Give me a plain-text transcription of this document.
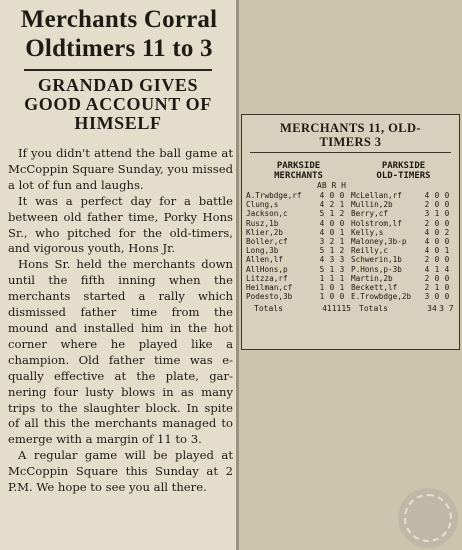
Merchants Corral
Oldtimers 11 to 3
GRANDAD GIVES
GOOD ACCOUNT OF
HIMSELF

If you didn't attend the ball game at McCoppin Square Sunday, you missed a lot of fun and laughs.

It was a perfect day for a battle between old father time, Porky Hons Sr., who pitched for the old-timers, and vigorous youth, Hons Jr.

Hons Sr. held the merchants down until the fifth inning when the merchants started a rally which dismissed father time from the mound and installed him in the hot corner where he played like a champion. Old father time was e-qually effective at the plate, gar-nering four lusty blows in as many trips to the slaughter block. In spite of all this the merchants managed to emerge with a margin of 11 to 3.

A regular game will be played at McCoppin Square this Sunday at 2 P.M. We hope to see you all there.

MERCHANTS 11, OLD-
TIMERS 3
PARKSIDE
MERCHANTS
AB R H
A.Trwbdge,rf	4 0 0
Clung,s	4 2 1
Jackson,c	5 1 2
Rusz,1b	4 0 0
Klier,2b	4 0 1
Boller,cf	3 2 1
Long,3b	5 1 2
Allen,lf	4 3 3
AllHons,p	5 1 3
Litzza,rf	1 1 1
Heilman,cf	1 0 1
Podesto,3b	1 0 0
PARKSIDE
OLD-TIMERS
McLellan,rf	4 0 0
Mullin,2b	2 0 0
Berry,cf	3 1 0
Holstrom,lf	2 0 0
Kelly,s	4 0 2
Maloney,3b-p	4 0 0
Reilly,c	4 0 1
Schwerin,1b	2 0 0
P.Hons,p-3b	4 1 4
Martin,2b	2 0 0
Beckett,lf	2 1 0
E.Trowbdge,2b	3 0 0
Totals	41 11 15	Totals	34 3 7
